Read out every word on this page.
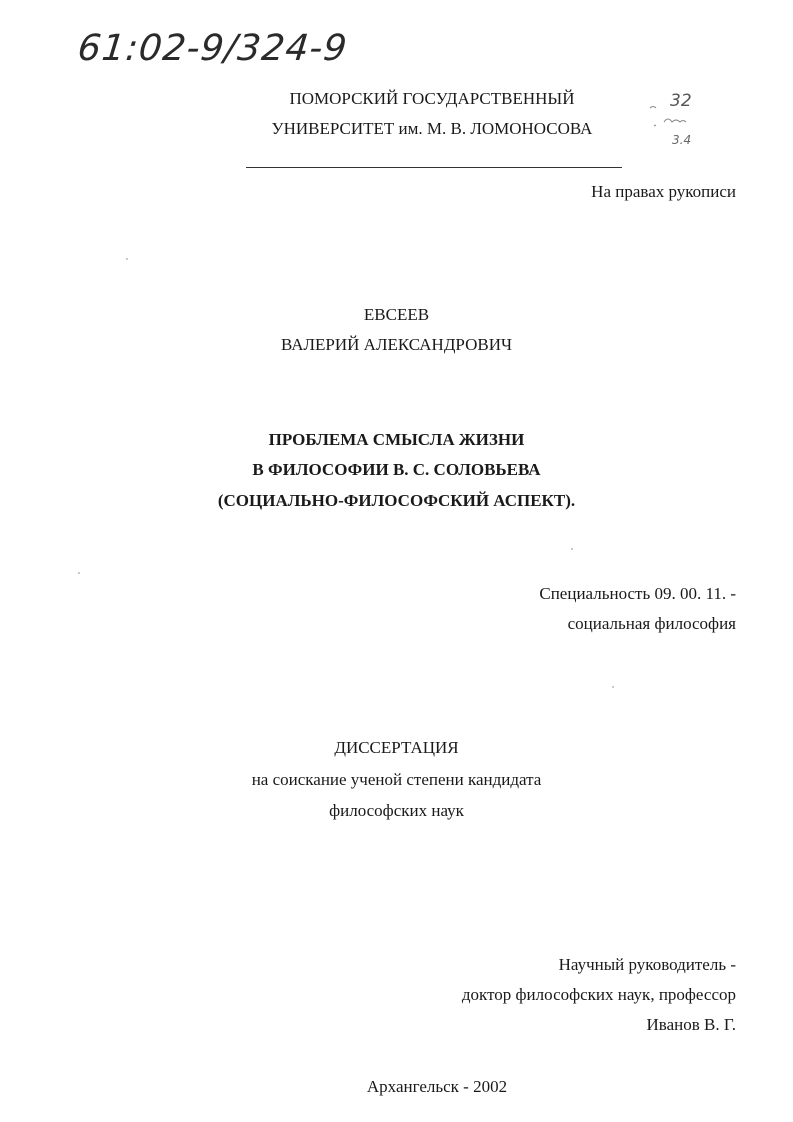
61:02-9/324-9
32
3.4
ПОМОРСКИЙ ГОСУДАРСТВЕННЫЙ
УНИВЕРСИТЕТ им. М. В. ЛОМОНОСОВА
На правах рукописи
ЕВСЕЕВ
ВАЛЕРИЙ АЛЕКСАНДРОВИЧ
ПРОБЛЕМА СМЫСЛА ЖИЗНИ
В ФИЛОСОФИИ В. С. СОЛОВЬЕВА
(СОЦИАЛЬНО-ФИЛОСОФСКИЙ АСПЕКТ).
Специальность 09. 00. 11. -
социальная философия
ДИССЕРТАЦИЯ
на соискание ученой степени кандидата
философских наук
Научный руководитель -
доктор философских наук, профессор
Иванов В. Г.
Архангельск - 2002
